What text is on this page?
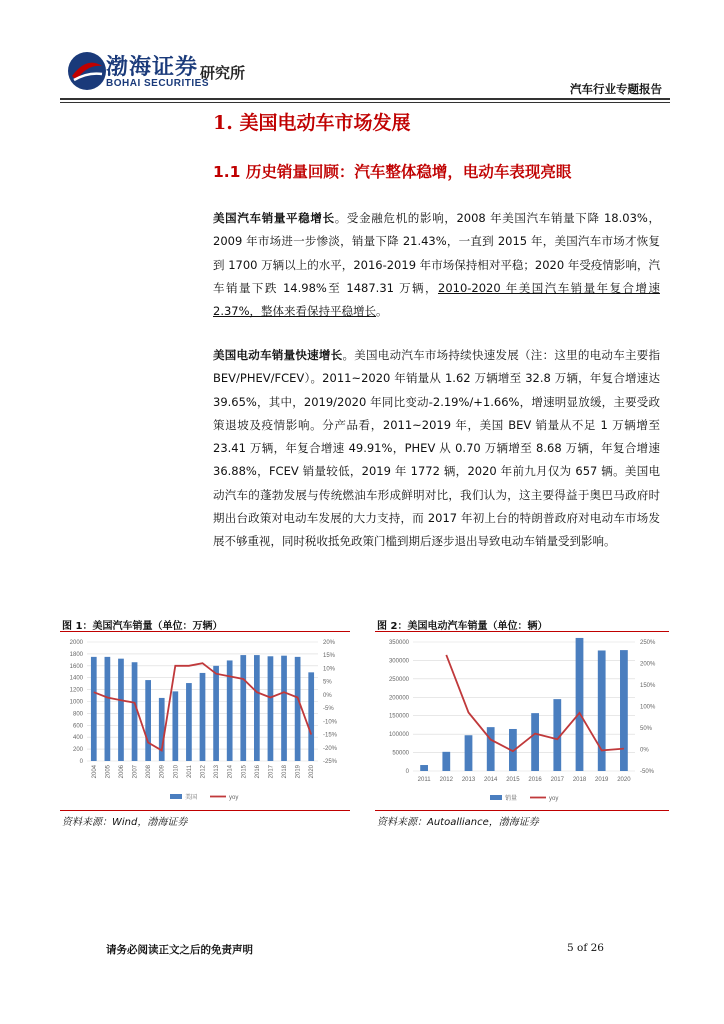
渤海证券
BOHAI SECURITIES
研究所
汽车行业专题报告
1. 美国电动车市场发展
1.1 历史销量回顾：汽车整体稳增，电动车表现亮眼
美国汽车销量平稳增长。受金融危机的影响，2008 年美国汽车销量下降 18.03%，2009 年市场进一步惨淡，销量下降 21.43%，一直到 2015 年，美国汽车市场才恢复到 1700 万辆以上的水平，2016-2019 年市场保持相对平稳；2020 年受疫情影响，汽车销量下跌 14.98%至 1487.31 万辆，2010-2020 年美国汽车销量年复合增速 2.37%，整体来看保持平稳增长。
美国电动车销量快速增长。美国电动汽车市场持续快速发展（注：这里的电动车主要指 BEV/PHEV/FCEV）。2011~2020 年销量从 1.62 万辆增至 32.8 万辆，年复合增速达 39.65%，其中，2019/2020 年同比变动-2.19%/+1.66%，增速明显放缓，主要受政策退坡及疫情影响。分产品看，2011~2019 年，美国 BEV 销量从不足 1 万辆增至 23.41 万辆，年复合增速 49.91%，PHEV 从 0.70 万辆增至 8.68 万辆，年复合增速 36.88%，FCEV 销量较低，2019 年 1772 辆，2020 年前九月仅为 657 辆。美国电动汽车的蓬勃发展与传统燃油车形成鲜明对比，我们认为，这主要得益于奥巴马政府时期出台政策对电动车发展的大力支持，而 2017 年初上台的特朗普政府对电动车市场发展不够重视，同时税收抵免政策门槛到期后逐步退出导致电动车销量受到影响。
图 1：美国汽车销量（单位：万辆）
0
200
400
600
800
1000
1200
1400
1600
1800
2000
-25%
-20%
-15%
-10%
-5%
0%
5%
10%
15%
20%
2004 2005 2006 2007 2008 2009 2010 2011 2012 2013 2014 2015 2016 2017 2018 2019 2020
美国	yoy
资料来源：Wind，渤海证券
图 2：美国电动汽车销量（单位：辆）
0
50000
100000
150000
200000
250000
300000
350000
-50%
0%
50%
100%
150%
200%
250%
2011 2012 2013 2014 2015 2016 2017 2018 2019 2020
销量	yoy
资料来源：Autoalliance，渤海证券
请务必阅读正文之后的免责声明	5 of 26
